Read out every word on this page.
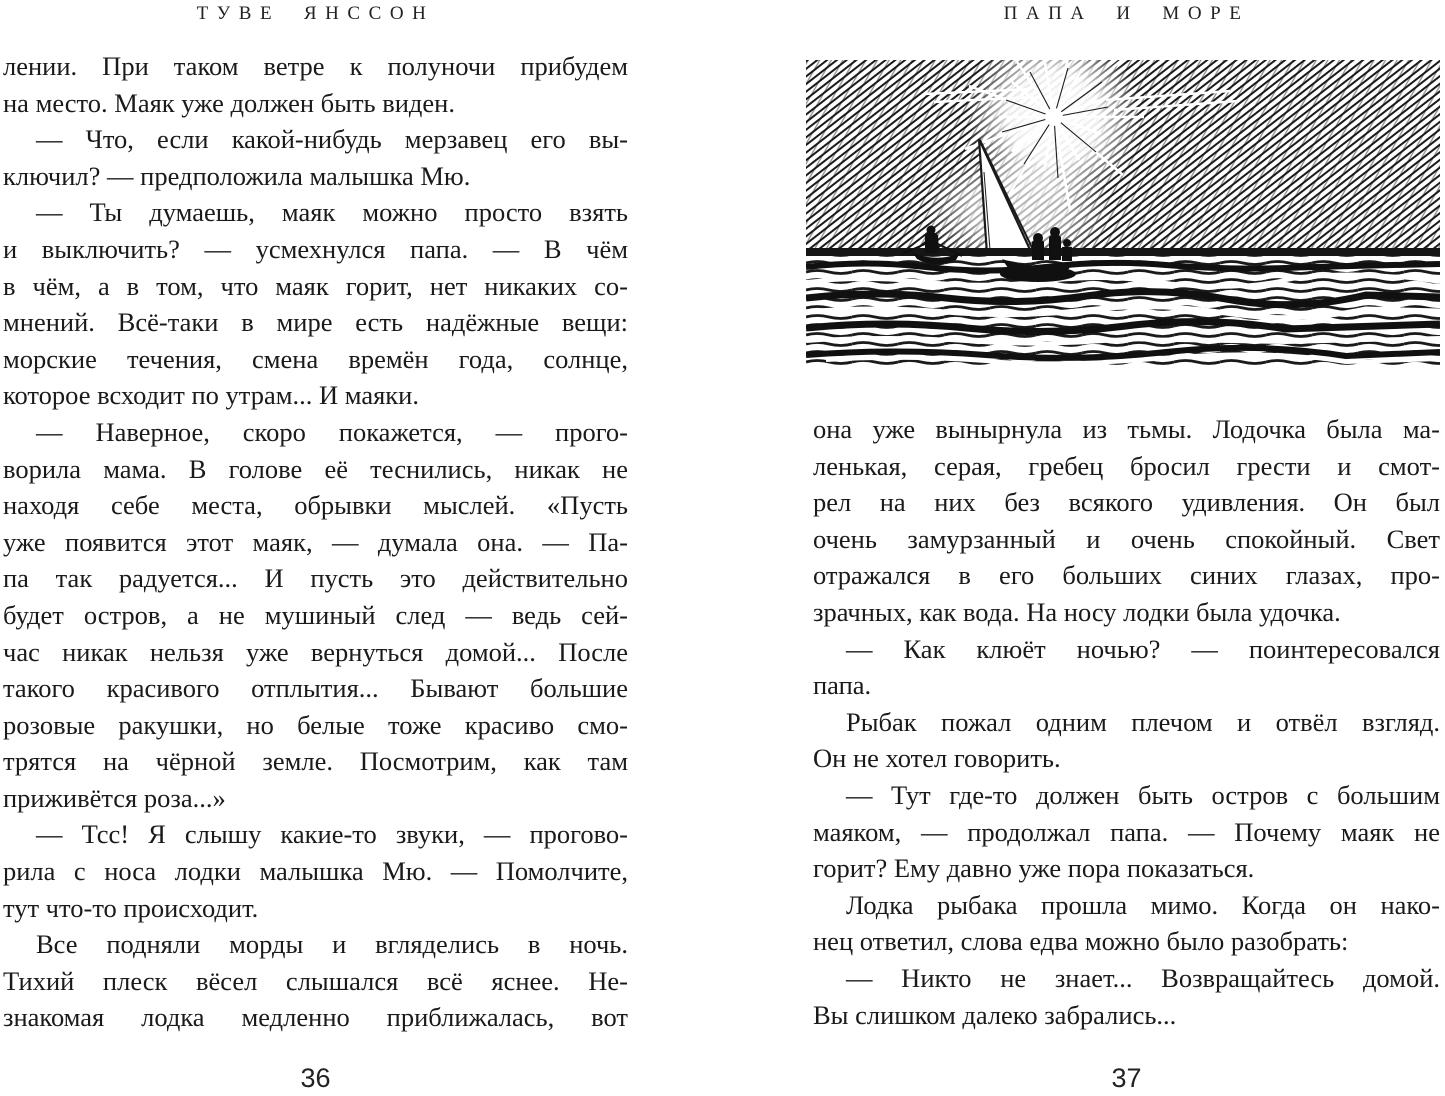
ТУВЕ ЯНССОН
лении. При таком ветре к полуночи прибудем
на место. Маяк уже должен быть виден.
— Что, если какой-нибудь мерзавец его вы-
ключил? — предположила малышка Мю.
— Ты думаешь, маяк можно просто взять
и выключить? — усмехнулся папа. — В чём
в чём, а в том, что маяк горит, нет никаких со-
мнений. Всё-таки в мире есть надёжные вещи:
морские течения, смена времён года, солнце,
которое всходит по утрам... И маяки.
— Наверное, скоро покажется, — прого-
ворила мама. В голове её теснились, никак не
находя себе места, обрывки мыслей. «Пусть
уже появится этот маяк, — думала она. — Па-
па так радуется... И пусть это действительно
будет остров, а не мушиный след — ведь сей-
час никак нельзя уже вернуться домой... После
такого красивого отплытия... Бывают большие
розовые ракушки, но белые тоже красиво смо-
трятся на чёрной земле. Посмотрим, как там
приживётся роза...»
— Тсс! Я слышу какие-то звуки, — прогово-
рила с носа лодки малышка Мю. — Помолчите,
тут что-то происходит.
Все подняли морды и вгляделись в ночь.
Тихий плеск вёсел слышался всё яснее. Не-
знакомая лодка медленно приближалась, вот
36
ПАПА И МОРЕ
она уже вынырнула из тьмы. Лодочка была ма-
ленькая, серая, гребец бросил грести и смот-
рел на них без всякого удивления. Он был
очень замурзанный и очень спокойный. Свет
отражался в его больших синих глазах, про-
зрачных, как вода. На носу лодки была удочка.
— Как клюёт ночью? — поинтересовался
папа.
Рыбак пожал одним плечом и отвёл взгляд.
Он не хотел говорить.
— Тут где-то должен быть остров с большим
маяком, — продолжал папа. — Почему маяк не
горит? Ему давно уже пора показаться.
Лодка рыбака прошла мимо. Когда он нако-
нец ответил, слова едва можно было разобрать:
— Никто не знает... Возвращайтесь домой.
Вы слишком далеко забрались...
37
